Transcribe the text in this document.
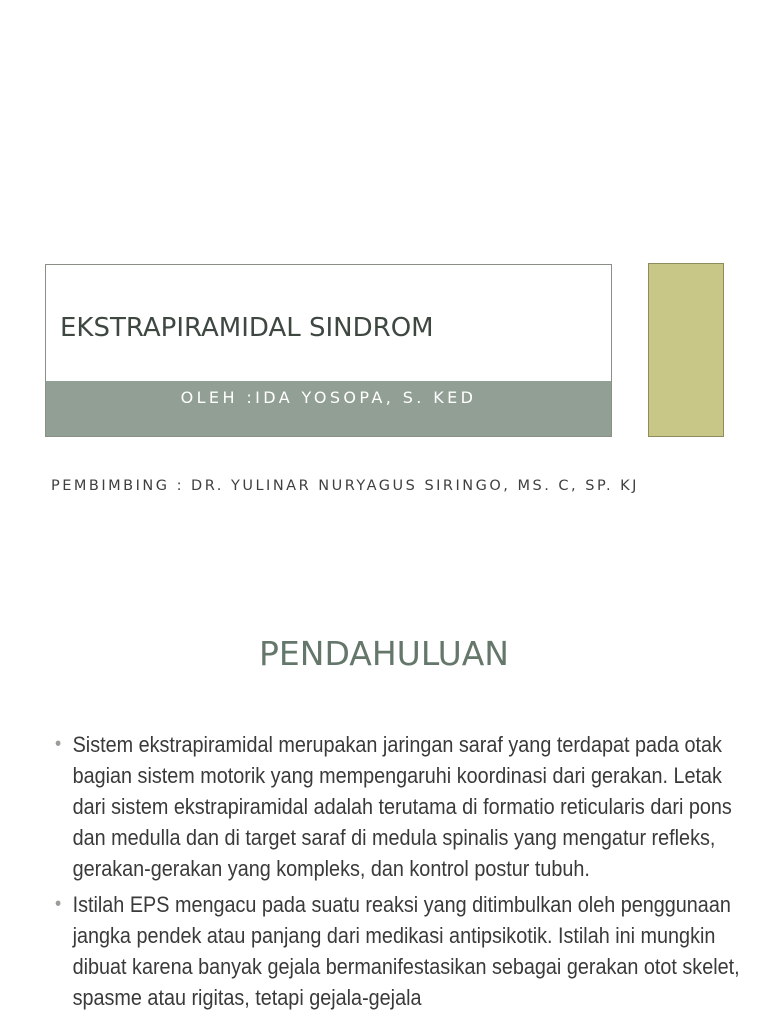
EKSTRAPIRAMIDAL SINDROM
OLEH :IDA YOSOPA, S. KED
PEMBIMBING : DR. YULINAR NURYAGUS SIRINGO, MS. C, SP. KJ
PENDAHULUAN
• Sistem ekstrapiramidal merupakan jaringan saraf yang terdapat pada otak bagian sistem motorik yang mempengaruhi koordinasi dari gerakan. Letak dari sistem ekstrapiramidal adalah terutama di formatio reticularis dari pons dan medulla dan di target saraf di medula spinalis yang mengatur refleks, gerakan-gerakan yang kompleks, dan kontrol postur tubuh.
• Istilah EPS mengacu pada suatu reaksi yang ditimbulkan oleh penggunaan jangka pendek atau panjang dari medikasi antipsikotik. Istilah ini mungkin dibuat karena banyak gejala bermanifestasikan sebagai gerakan otot skelet, spasme atau rigitas, tetapi gejala-gejala
